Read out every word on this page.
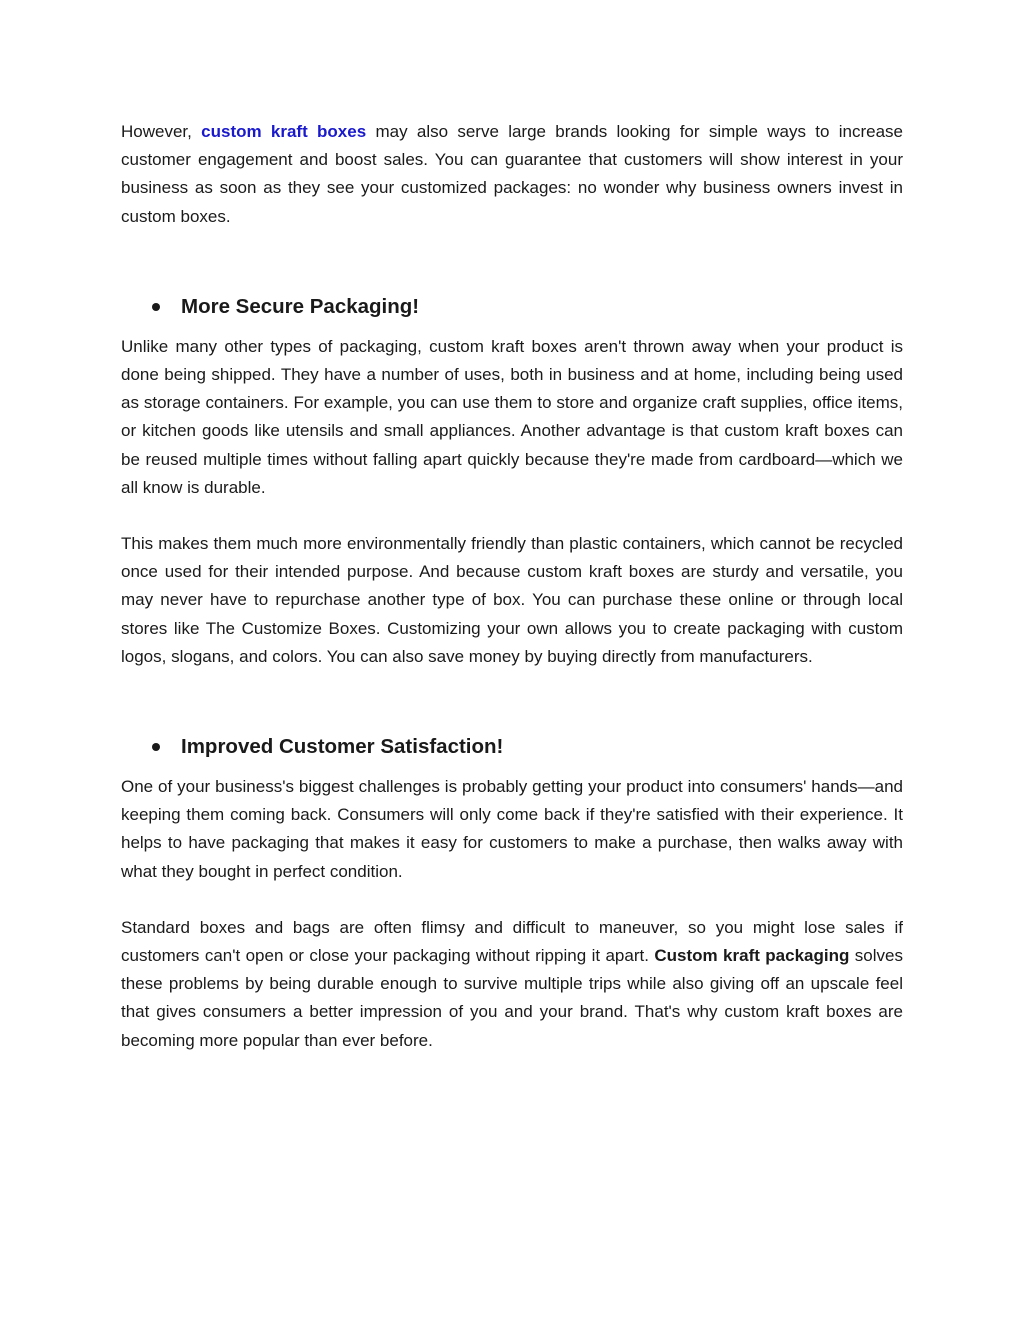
However, custom kraft boxes may also serve large brands looking for simple ways to increase customer engagement and boost sales. You can guarantee that customers will show interest in your business as soon as they see your customized packages: no wonder why business owners invest in custom boxes.

More Secure Packaging!

Unlike many other types of packaging, custom kraft boxes aren't thrown away when your product is done being shipped. They have a number of uses, both in business and at home, including being used as storage containers. For example, you can use them to store and organize craft supplies, office items, or kitchen goods like utensils and small appliances. Another advantage is that custom kraft boxes can be reused multiple times without falling apart quickly because they're made from cardboard—which we all know is durable.

This makes them much more environmentally friendly than plastic containers, which cannot be recycled once used for their intended purpose. And because custom kraft boxes are sturdy and versatile, you may never have to repurchase another type of box. You can purchase these online or through local stores like The Customize Boxes. Customizing your own allows you to create packaging with custom logos, slogans, and colors. You can also save money by buying directly from manufacturers.

Improved Customer Satisfaction!

One of your business's biggest challenges is probably getting your product into consumers' hands—and keeping them coming back. Consumers will only come back if they're satisfied with their experience. It helps to have packaging that makes it easy for customers to make a purchase, then walks away with what they bought in perfect condition.

Standard boxes and bags are often flimsy and difficult to maneuver, so you might lose sales if customers can't open or close your packaging without ripping it apart. Custom kraft packaging solves these problems by being durable enough to survive multiple trips while also giving off an upscale feel that gives consumers a better impression of you and your brand. That's why custom kraft boxes are becoming more popular than ever before.
